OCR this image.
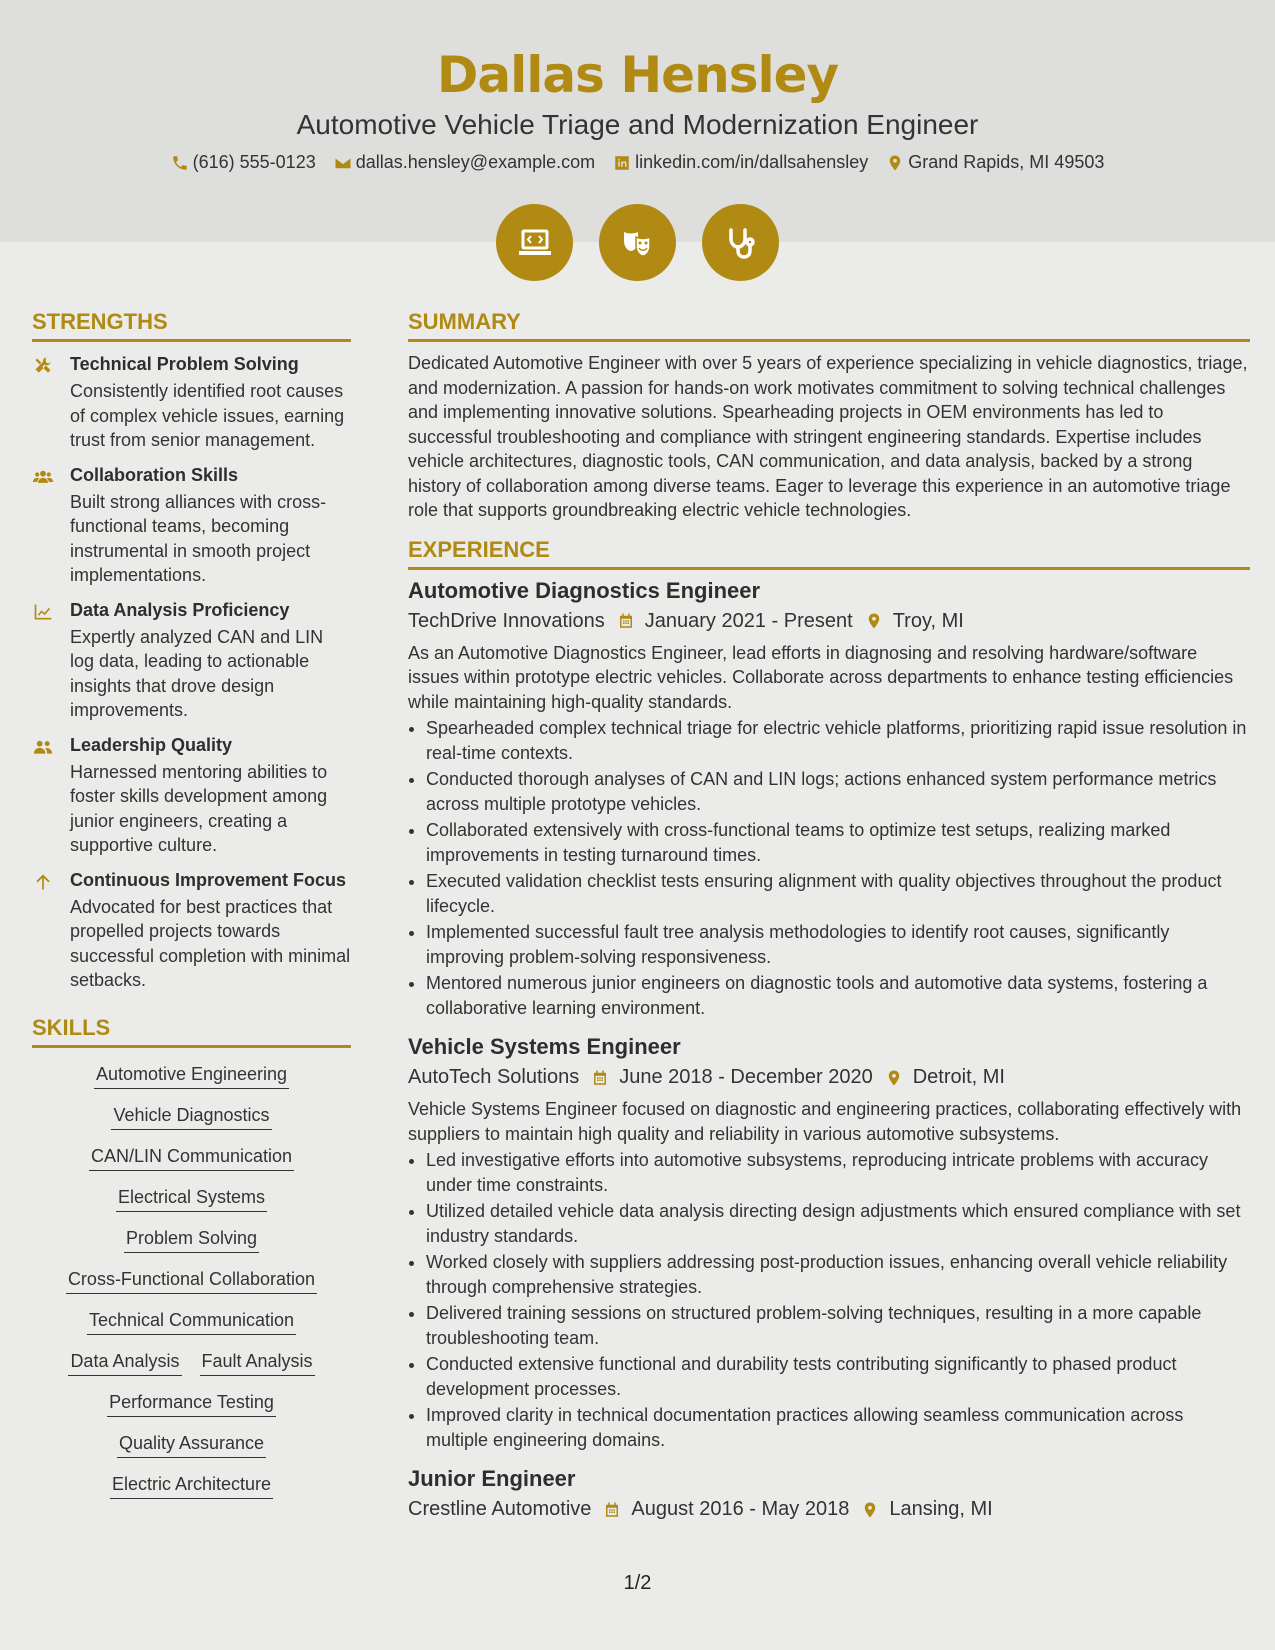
Dallas Hensley
Automotive Vehicle Triage and Modernization Engineer
(616) 555-0123 dallas.hensley@example.com linkedin.com/in/dallsahensley Grand Rapids, MI 49503
STRENGTHS
Technical Problem Solving
Consistently identified root causes of complex vehicle issues, earning trust from senior management.
Collaboration Skills
Built strong alliances with cross-functional teams, becoming instrumental in smooth project implementations.
Data Analysis Proficiency
Expertly analyzed CAN and LIN log data, leading to actionable insights that drove design improvements.
Leadership Quality
Harnessed mentoring abilities to foster skills development among junior engineers, creating a supportive culture.
Continuous Improvement Focus
Advocated for best practices that propelled projects towards successful completion with minimal setbacks.
SKILLS
Automotive Engineering
Vehicle Diagnostics
CAN/LIN Communication
Electrical Systems
Problem Solving
Cross-Functional Collaboration
Technical Communication
Data Analysis Fault Analysis
Performance Testing
Quality Assurance
Electric Architecture
SUMMARY
Dedicated Automotive Engineer with over 5 years of experience specializing in vehicle diagnostics, triage, and modernization. A passion for hands-on work motivates commitment to solving technical challenges and implementing innovative solutions. Spearheading projects in OEM environments has led to successful troubleshooting and compliance with stringent engineering standards. Expertise includes vehicle architectures, diagnostic tools, CAN communication, and data analysis, backed by a strong history of collaboration among diverse teams. Eager to leverage this experience in an automotive triage role that supports groundbreaking electric vehicle technologies.
EXPERIENCE
Automotive Diagnostics Engineer
TechDrive Innovations January 2021 - Present Troy, MI
As an Automotive Diagnostics Engineer, lead efforts in diagnosing and resolving hardware/software issues within prototype electric vehicles. Collaborate across departments to enhance testing efficiencies while maintaining high-quality standards.
• Spearheaded complex technical triage for electric vehicle platforms, prioritizing rapid issue resolution in real-time contexts.
• Conducted thorough analyses of CAN and LIN logs; actions enhanced system performance metrics across multiple prototype vehicles.
• Collaborated extensively with cross-functional teams to optimize test setups, realizing marked improvements in testing turnaround times.
• Executed validation checklist tests ensuring alignment with quality objectives throughout the product lifecycle.
• Implemented successful fault tree analysis methodologies to identify root causes, significantly improving problem-solving responsiveness.
• Mentored numerous junior engineers on diagnostic tools and automotive data systems, fostering a collaborative learning environment.
Vehicle Systems Engineer
AutoTech Solutions June 2018 - December 2020 Detroit, MI
Vehicle Systems Engineer focused on diagnostic and engineering practices, collaborating effectively with suppliers to maintain high quality and reliability in various automotive subsystems.
• Led investigative efforts into automotive subsystems, reproducing intricate problems with accuracy under time constraints.
• Utilized detailed vehicle data analysis directing design adjustments which ensured compliance with set industry standards.
• Worked closely with suppliers addressing post-production issues, enhancing overall vehicle reliability through comprehensive strategies.
• Delivered training sessions on structured problem-solving techniques, resulting in a more capable troubleshooting team.
• Conducted extensive functional and durability tests contributing significantly to phased product development processes.
• Improved clarity in technical documentation practices allowing seamless communication across multiple engineering domains.
Junior Engineer
Crestline Automotive August 2016 - May 2018 Lansing, MI
1/2
